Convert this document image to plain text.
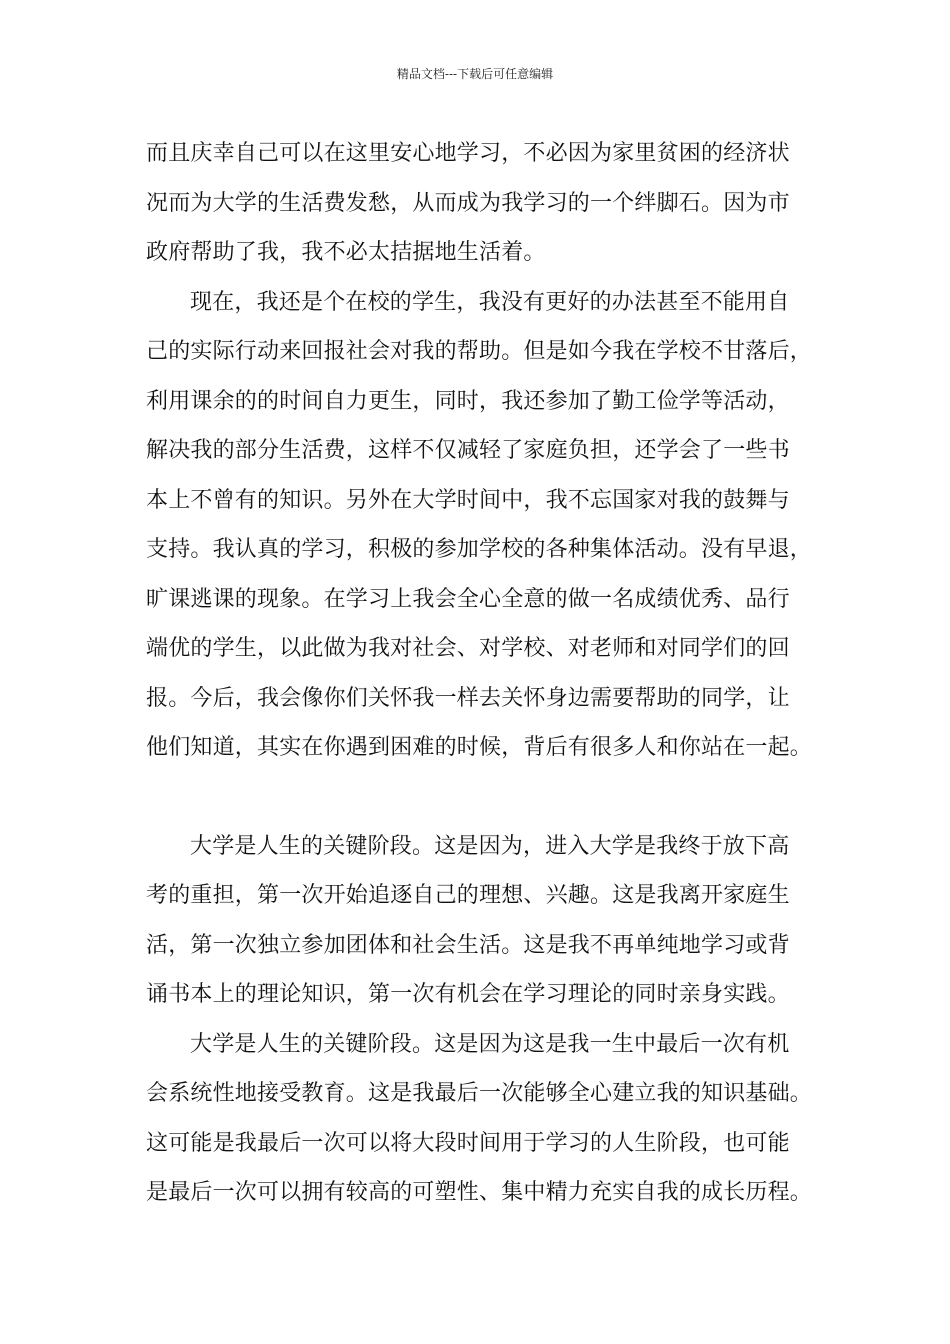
精品文档---下载后可任意编辑
而且庆幸自己可以在这里安心地学习，不必因为家里贫困的经济状
况而为大学的生活费发愁，从而成为我学习的一个绊脚石。因为市
政府帮助了我，我不必太拮据地生活着。
现在，我还是个在校的学生，我没有更好的办法甚至不能用自
己的实际行动来回报社会对我的帮助。但是如今我在学校不甘落后，
利用课余的的时间自力更生，同时，我还参加了勤工俭学等活动，
解决我的部分生活费，这样不仅减轻了家庭负担，还学会了一些书
本上不曾有的知识。另外在大学时间中，我不忘国家对我的鼓舞与
支持。我认真的学习，积极的参加学校的各种集体活动。没有早退，
旷课逃课的现象。在学习上我会全心全意的做一名成绩优秀、品行
端优的学生，以此做为我对社会、对学校、对老师和对同学们的回
报。今后，我会像你们关怀我一样去关怀身边需要帮助的同学，让
他们知道，其实在你遇到困难的时候，背后有很多人和你站在一起。
大学是人生的关键阶段。这是因为，进入大学是我终于放下高
考的重担，第一次开始追逐自己的理想、兴趣。这是我离开家庭生
活，第一次独立参加团体和社会生活。这是我不再单纯地学习或背
诵书本上的理论知识，第一次有机会在学习理论的同时亲身实践。
大学是人生的关键阶段。这是因为这是我一生中最后一次有机
会系统性地接受教育。这是我最后一次能够全心建立我的知识基础。
这可能是我最后一次可以将大段时间用于学习的人生阶段，也可能
是最后一次可以拥有较高的可塑性、集中精力充实自我的成长历程。
